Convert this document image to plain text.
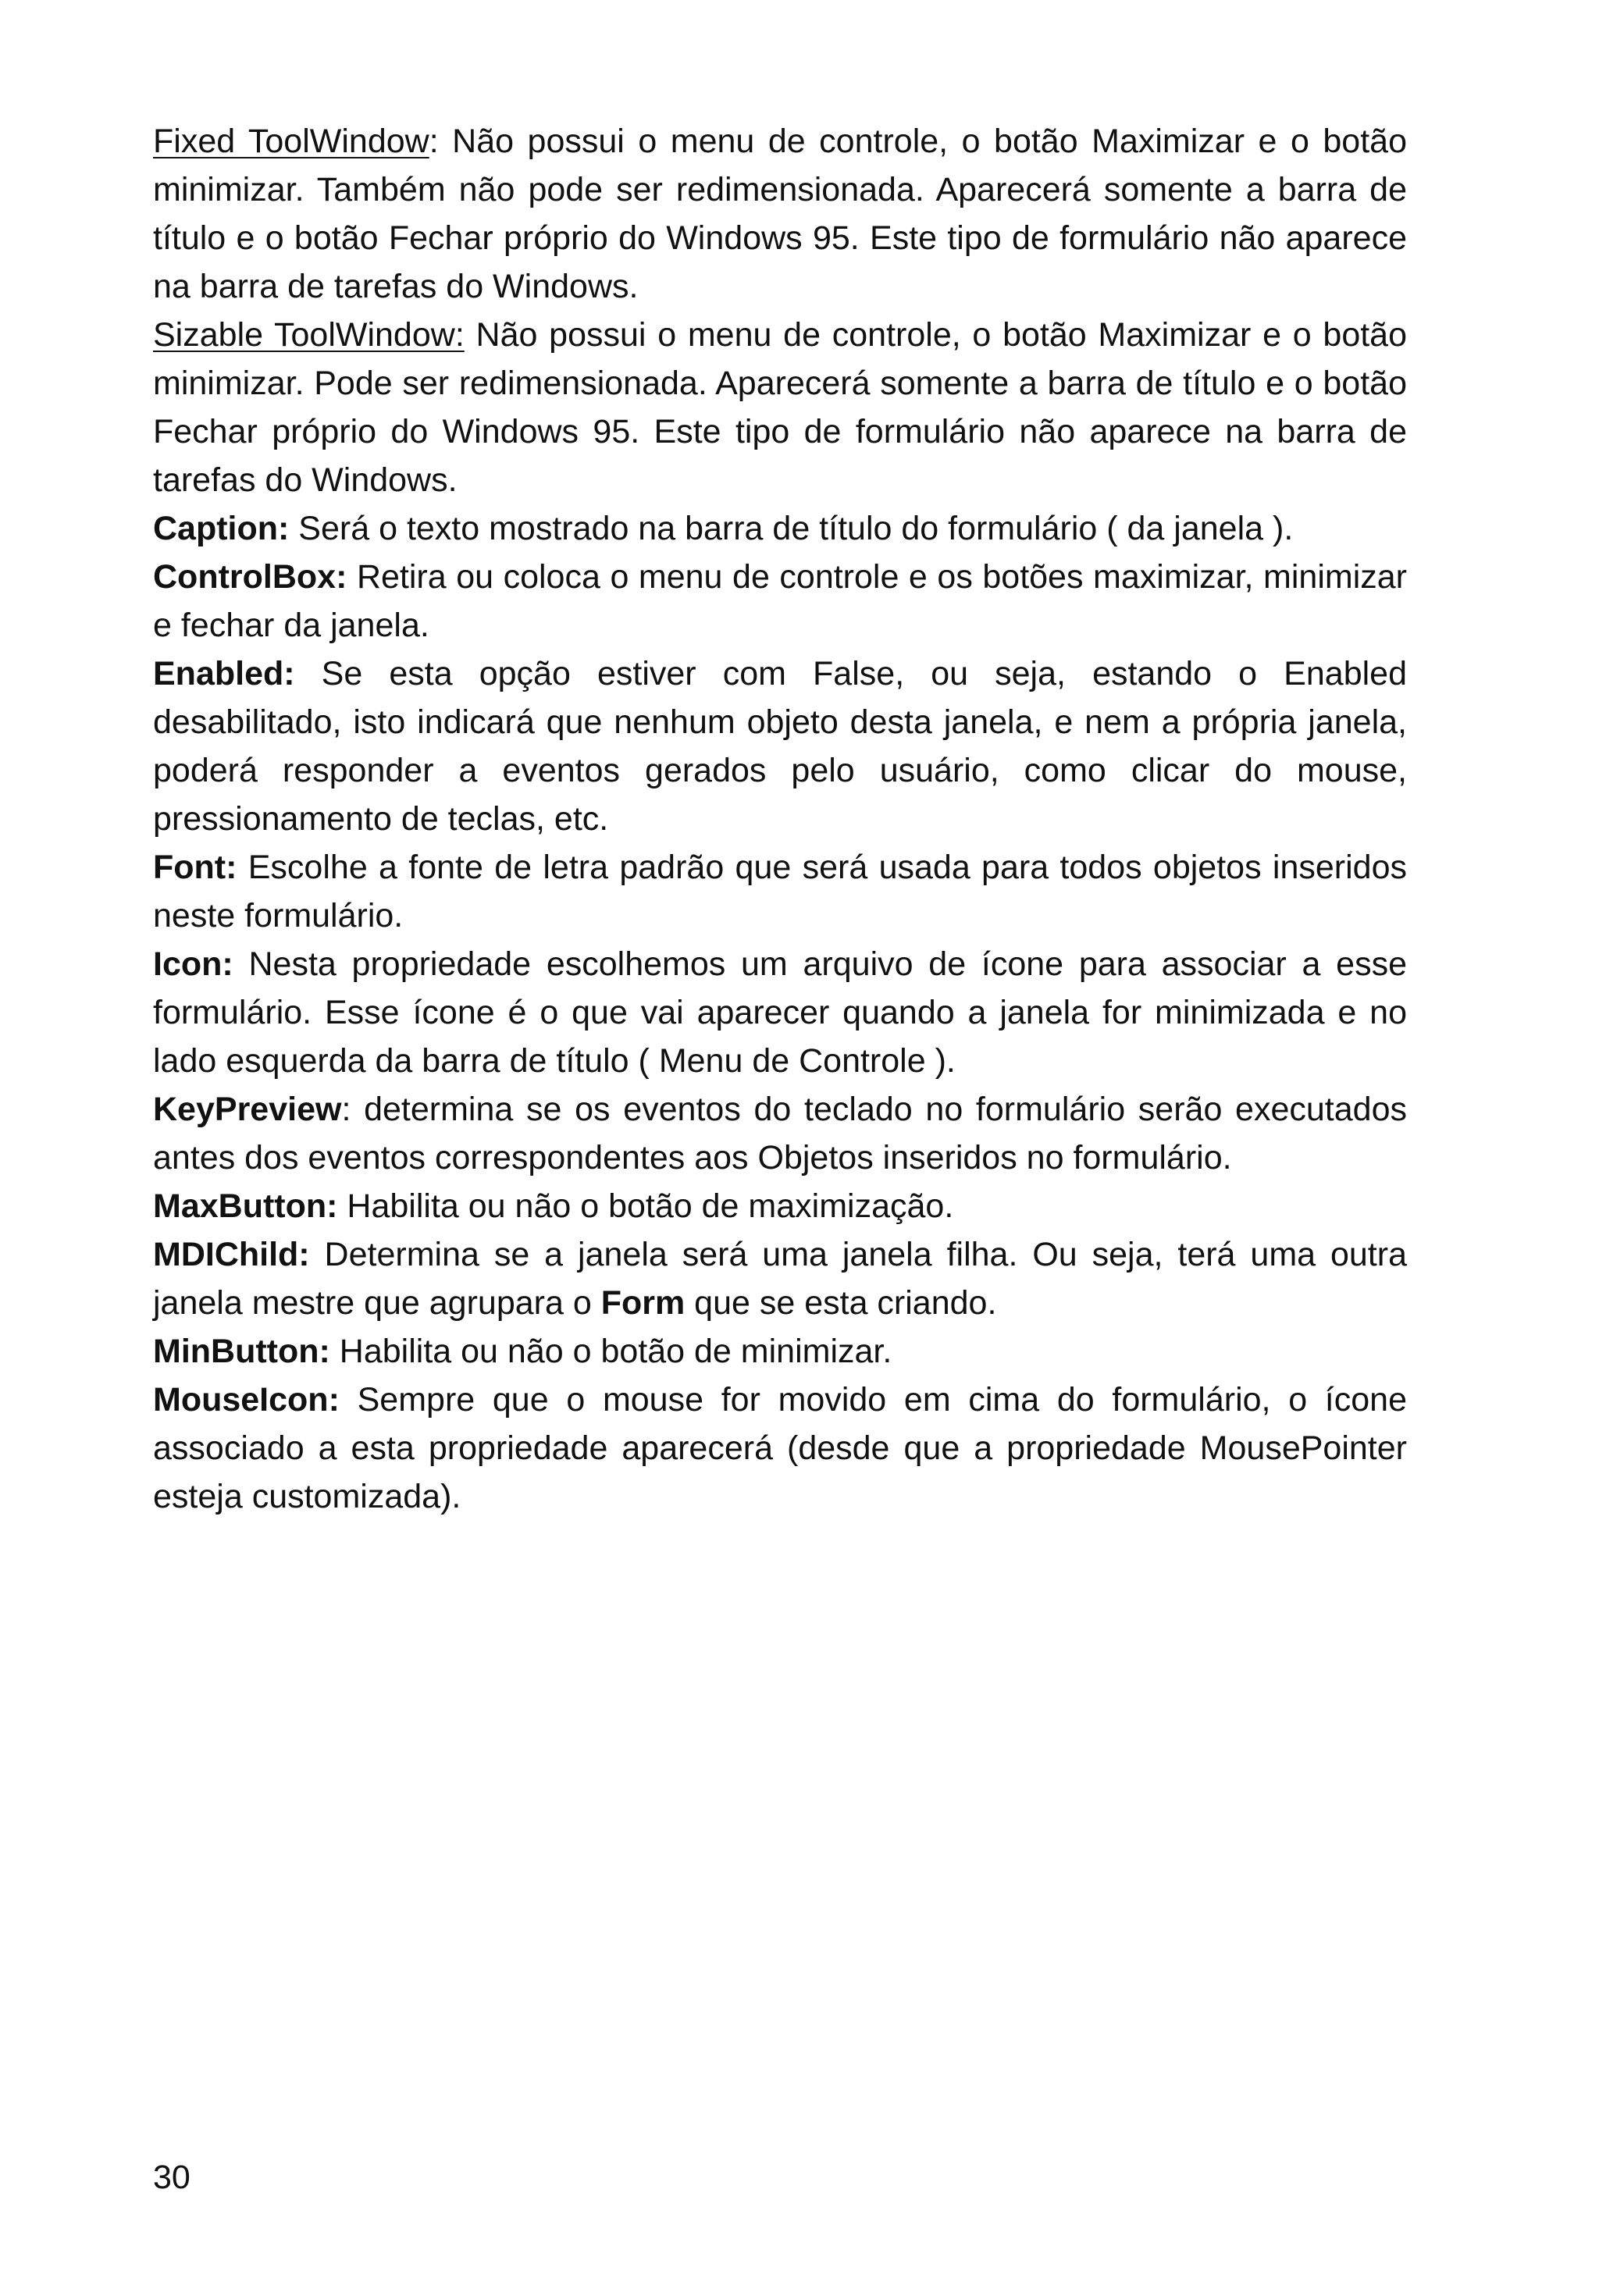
Fixed ToolWindow: Não possui o menu de controle, o botão Maximizar e o botão minimizar. Também não pode ser redimensionada. Aparecerá somente a barra de título e o botão Fechar próprio do Windows 95. Este tipo de formulário não aparece na barra de tarefas do Windows.

Sizable ToolWindow: Não possui o menu de controle, o botão Maximizar e o botão minimizar. Pode ser redimensionada. Aparecerá somente a barra de título e o botão Fechar próprio do Windows 95. Este tipo de formulário não aparece na barra de tarefas do Windows.

Caption: Será o texto mostrado na barra de título do formulário ( da janela ).

ControlBox: Retira ou coloca o menu de controle e os botões maximizar, minimizar e fechar da janela.

Enabled: Se esta opção estiver com False, ou seja, estando o Enabled desabilitado, isto indicará que nenhum objeto desta janela, e nem a própria janela, poderá responder a eventos gerados pelo usuário, como clicar do mouse, pressionamento de teclas, etc.

Font: Escolhe a fonte de letra padrão que será usada para todos objetos inseridos neste formulário.

Icon: Nesta propriedade escolhemos um arquivo de ícone para associar a esse formulário. Esse ícone é o que vai aparecer quando a janela for minimizada e no lado esquerda da barra de título ( Menu de Controle ).

KeyPreview: determina se os eventos do teclado no formulário serão executados antes dos eventos correspondentes aos Objetos inseridos no formulário.

MaxButton: Habilita ou não o botão de maximização.

MDIChild: Determina se a janela será uma janela filha. Ou seja, terá uma outra janela mestre que agrupara o Form que se esta criando.

MinButton: Habilita ou não o botão de minimizar.

MouseIcon: Sempre que o mouse for movido em cima do formulário, o ícone associado a esta propriedade aparecerá (desde que a propriedade MousePointer esteja customizada).

30
